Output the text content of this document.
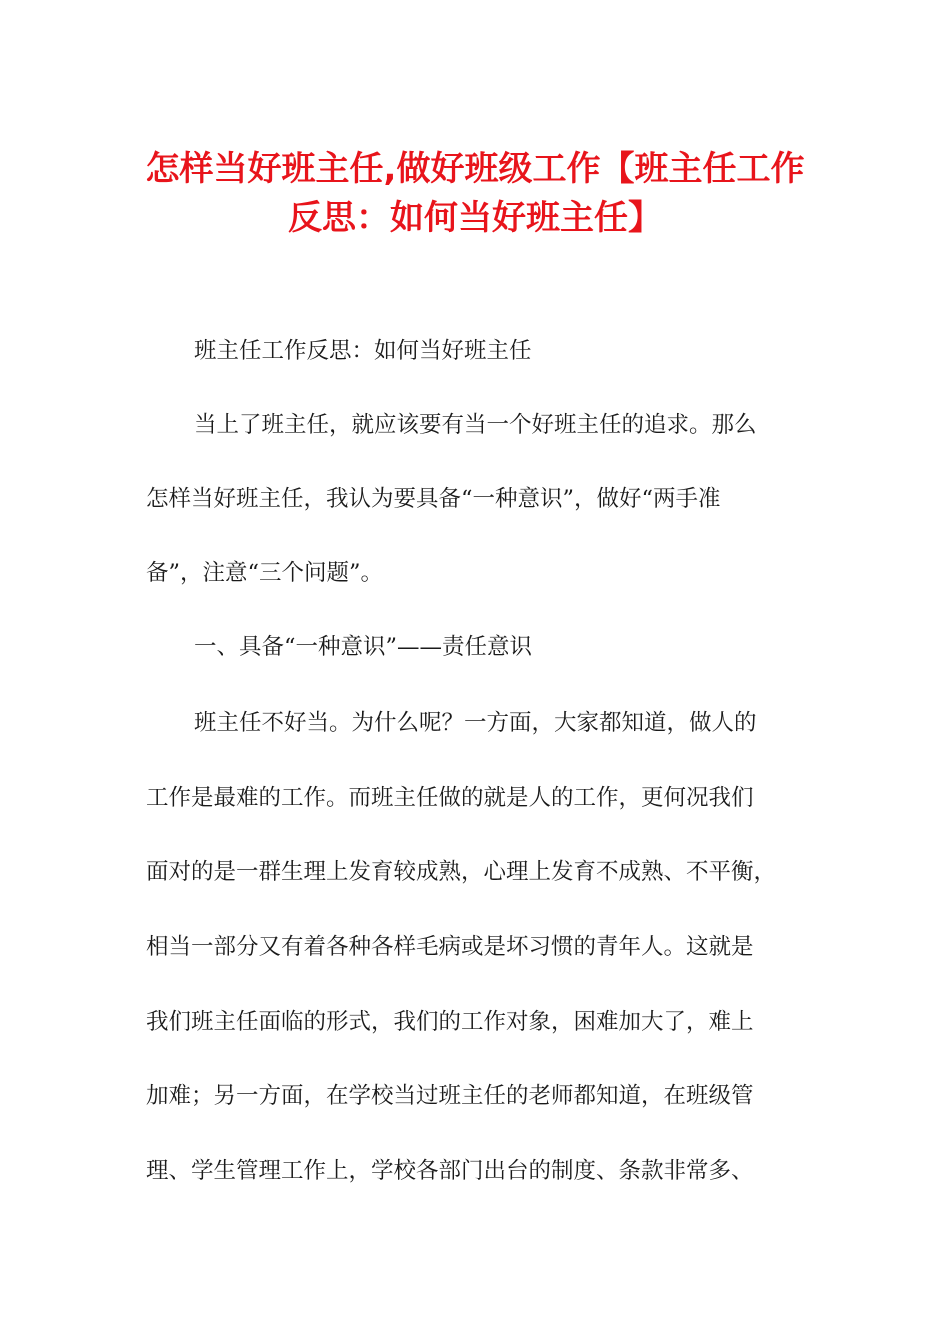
怎样当好班主任,做好班级工作【班主任工作
反思：如何当好班主任】

班主任工作反思：如何当好班主任

当上了班主任，就应该要有当一个好班主任的追求。那么

怎样当好班主任，我认为要具备“一种意识”，做好“两手准

备”，注意“三个问题”。

一、具备“一种意识”——责任意识

班主任不好当。为什么呢？一方面，大家都知道，做人的

工作是最难的工作。而班主任做的就是人的工作，更何况我们

面对的是一群生理上发育较成熟，心理上发育不成熟、不平衡，

相当一部分又有着各种各样毛病或是坏习惯的青年人。这就是

我们班主任面临的形式，我们的工作对象，困难加大了，难上

加难；另一方面，在学校当过班主任的老师都知道，在班级管

理、学生管理工作上，学校各部门出台的制度、条款非常多、
